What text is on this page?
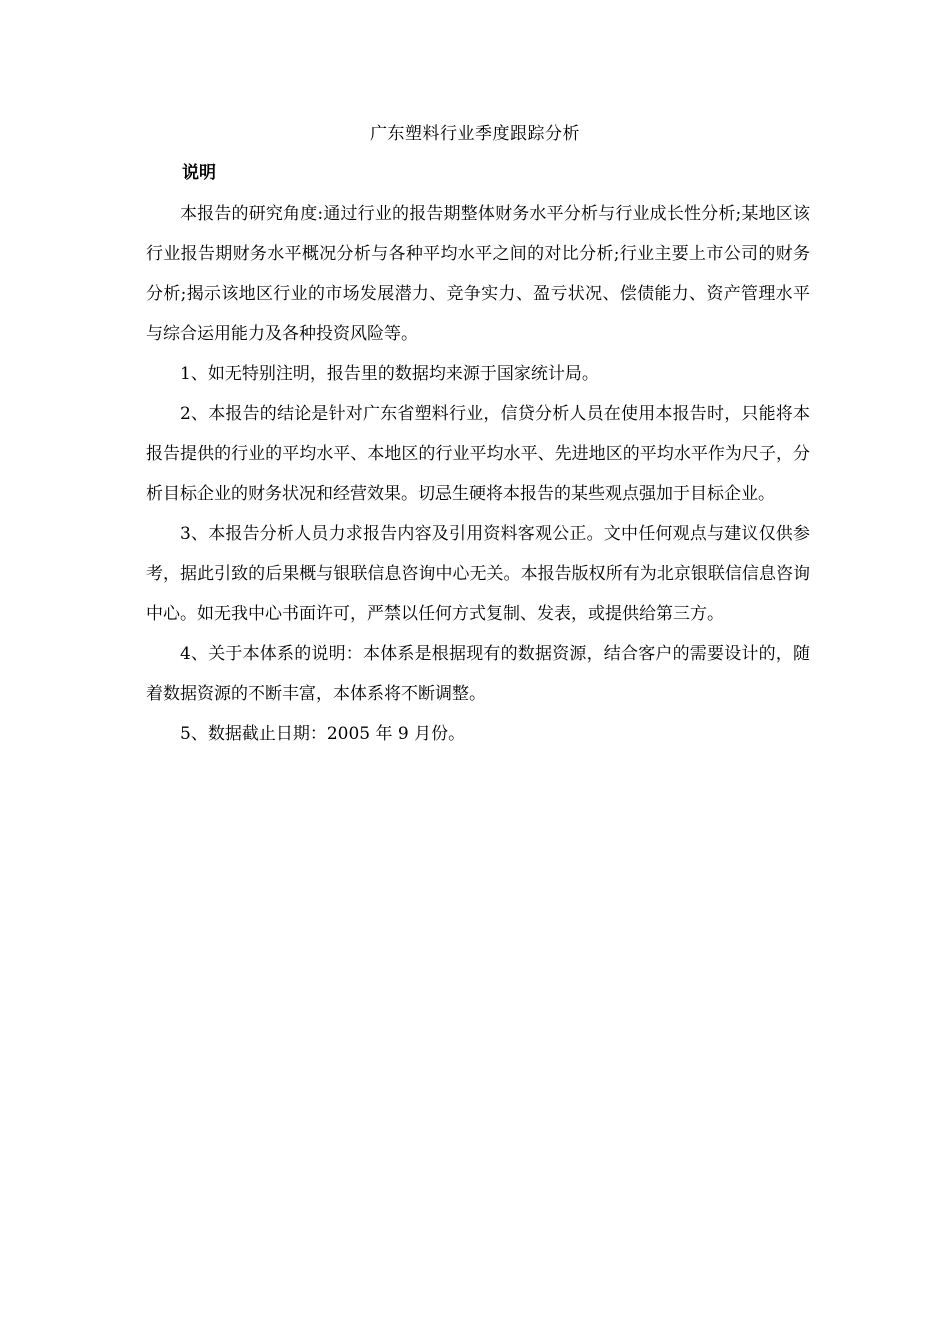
广东塑料行业季度跟踪分析
说明

本报告的研究角度:通过行业的报告期整体财务水平分析与行业成长性分析;某地区该行业报告期财务水平概况分析与各种平均水平之间的对比分析;行业主要上市公司的财务分析;揭示该地区行业的市场发展潜力、竞争实力、盈亏状况、偿债能力、资产管理水平与综合运用能力及各种投资风险等。

1、如无特别注明，报告里的数据均来源于国家统计局。

2、本报告的结论是针对广东省塑料行业，信贷分析人员在使用本报告时，只能将本报告提供的行业的平均水平、本地区的行业平均水平、先进地区的平均水平作为尺子，分析目标企业的财务状况和经营效果。切忌生硬将本报告的某些观点强加于目标企业。

3、本报告分析人员力求报告内容及引用资料客观公正。文中任何观点与建议仅供参考，据此引致的后果概与银联信息咨询中心无关。本报告版权所有为北京银联信信息咨询中心。如无我中心书面许可，严禁以任何方式复制、发表，或提供给第三方。

4、关于本体系的说明：本体系是根据现有的数据资源，结合客户的需要设计的，随着数据资源的不断丰富，本体系将不断调整。

5、数据截止日期：2005 年 9 月份。
